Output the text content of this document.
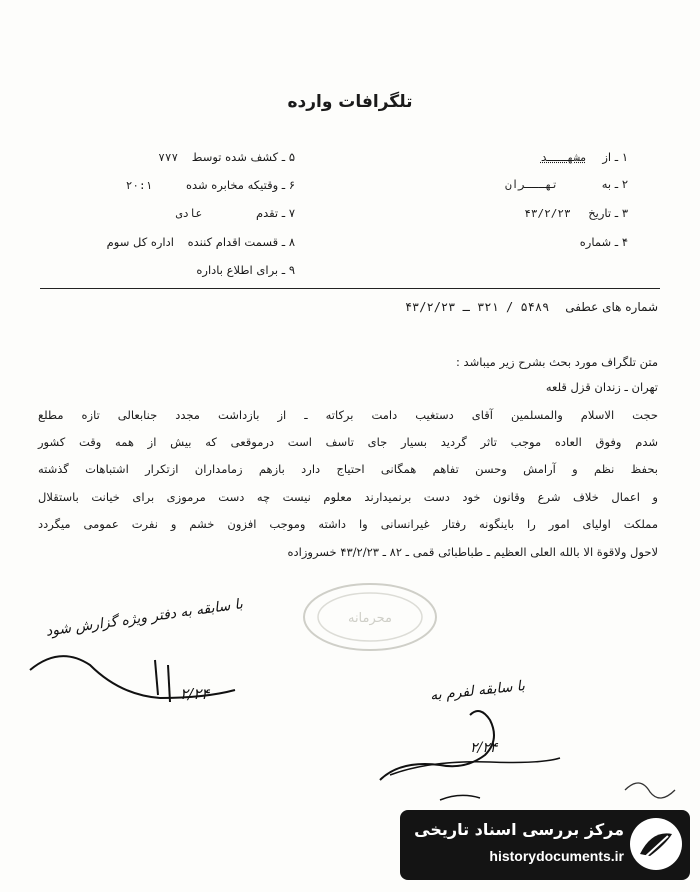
تلگرافات وارده
۱ ـ از مشهـــد
۲ ـ به تهـــران
۳ ـ تاریخ ۴۳/۲/۲۳
۴ ـ شماره
۵ ـ کشف شده توسط ۷۷۷
۶ ـ وقتیکه مخابره شده ۲۰:۱
۷ ـ تقدم عادی
۸ ـ قسمت اقدام کننده اداره کل سوم
۹ ـ برای اطلاع باداره
شماره های عطفی ۵۴۸۹ / ۳۲۱ ـ ۴۳/۲/۲۳
متن تلگراف مورد بحث بشرح زیر میباشد :
تهران ـ زندان قزل قلعه
حجت الاسلام والمسلمین آقای دستغیب دامت برکاته ـ از بازداشت مجدد جنابعالی تازه مطلع
شدم وفوق العاده موجب تاثر گردید بسیار جای تاسف است درموقعی که بیش از همه وقت کشور
بحفظ نظم و آرامش وحسن تفاهم همگانی احتیاج دارد بازهم زمامداران ازتکرار اشتباهات گذشته
و اعمال خلاف شرع وقانون خود دست برنمیدارند معلوم نیست چه دست مرموزی برای خیانت باستقلال
مملکت اولیای امور را باینگونه رفتار غیرانسانی وا داشته وموجب افزون خشم و نفرت عمومی میگردد
لاحول ولاقوة الا بالله العلی العظیم ـ طباطبائی قمی ـ ۸۲ ـ ۴۳/۲/۲۳ خسروزاده
محرمانه
با سابقه به دفتر ویژه گزارش شود
۲/۲۴	با سابقه لفرم به
۲/۲۴
مرکز بررسی اسناد تاریخی
historydocuments.ir
